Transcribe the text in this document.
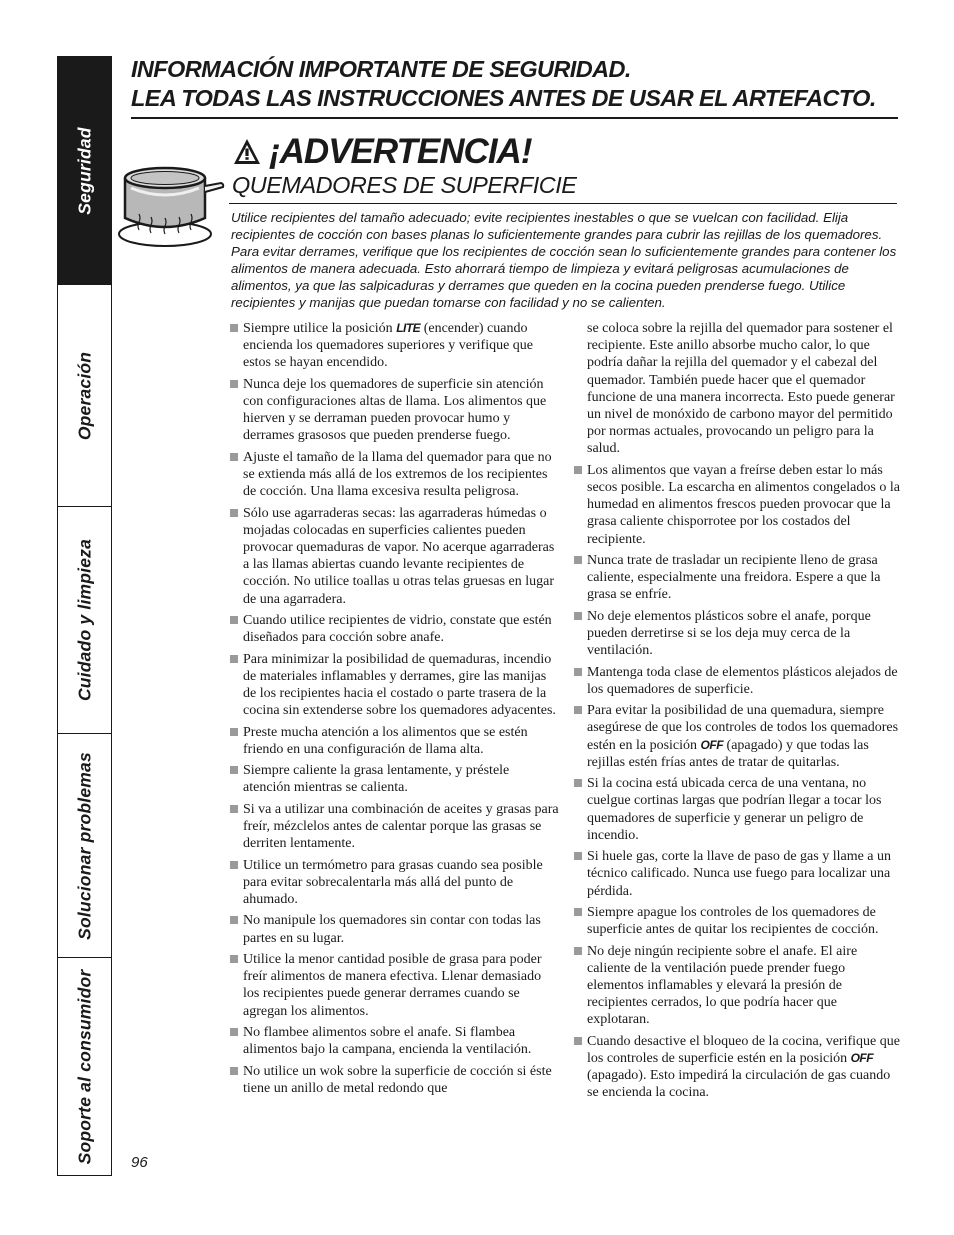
Seguridad
Operación
Cuidado y limpieza
Solucionar problemas
Soporte al consumidor
INFORMACIÓN IMPORTANTE DE SEGURIDAD.
LEA TODAS LAS INSTRUCCIONES ANTES DE USAR EL ARTEFACTO.
¡ADVERTENCIA!
QUEMADORES DE SUPERFICIE
Utilice recipientes del tamaño adecuado; evite recipientes inestables o que se vuelcan con facilidad. Elija recipientes de cocción con bases planas lo suficientemente grandes para cubrir las rejillas de los quemadores. Para evitar derrames, verifique que los recipientes de cocción sean lo suficientemente grandes para contener los alimentos de manera adecuada. Esto ahorrará tiempo de limpieza y evitará peligrosas acumulaciones de alimentos, ya que las salpicaduras y derrames que queden en la cocina pueden prenderse fuego. Utilice recipientes y manijas que puedan tomarse con facilidad y no se calienten.

Siempre utilice la posición LITE (encender) cuando encienda los quemadores superiores y verifique que estos se hayan encendido.

Nunca deje los quemadores de superficie sin atención con configuraciones altas de llama. Los alimentos que hierven y se derraman pueden provocar humo y derrames grasosos que pueden prenderse fuego.

Ajuste el tamaño de la llama del quemador para que no se extienda más allá de los extremos de los recipientes de cocción. Una llama excesiva resulta peligrosa.

Sólo use agarraderas secas: las agarraderas húmedas o mojadas colocadas en superficies calientes pueden provocar quemaduras de vapor. No acerque agarraderas a las llamas abiertas cuando levante recipientes de cocción. No utilice toallas u otras telas gruesas en lugar de una agarradera.

Cuando utilice recipientes de vidrio, constate que estén diseñados para cocción sobre anafe.

Para minimizar la posibilidad de quemaduras, incendio de materiales inflamables y derrames, gire las manijas de los recipientes hacia el costado o parte trasera de la cocina sin extenderse sobre los quemadores adyacentes.

Preste mucha atención a los alimentos que se estén friendo en una configuración de llama alta.

Siempre caliente la grasa lentamente, y préstele atención mientras se calienta.

Si va a utilizar una combinación de aceites y grasas para freír, mézclelos antes de calentar porque las grasas se derriten lentamente.

Utilice un termómetro para grasas cuando sea posible para evitar sobrecalentarla más allá del punto de ahumado.

No manipule los quemadores sin contar con todas las partes en su lugar.

Utilice la menor cantidad posible de grasa para poder freír alimentos de manera efectiva. Llenar demasiado los recipientes puede generar derrames cuando se agregan los alimentos.

No flambee alimentos sobre el anafe. Si flambea alimentos bajo la campana, encienda la ventilación.

No utilice un wok sobre la superficie de cocción si éste tiene un anillo de metal redondo que

se coloca sobre la rejilla del quemador para sostener el recipiente. Este anillo absorbe mucho calor, lo que podría dañar la rejilla del quemador y el cabezal del quemador. También puede hacer que el quemador funcione de una manera incorrecta. Esto puede generar un nivel de monóxido de carbono mayor del permitido por normas actuales, provocando un peligro para la salud.

Los alimentos que vayan a freírse deben estar lo más secos posible. La escarcha en alimentos congelados o la humedad en alimentos frescos pueden provocar que la grasa caliente chisporrotee por los costados del recipiente.

Nunca trate de trasladar un recipiente lleno de grasa caliente, especialmente una freidora. Espere a que la grasa se enfríe.

No deje elementos plásticos sobre el anafe, porque pueden derretirse si se los deja muy cerca de la ventilación.

Mantenga toda clase de elementos plásticos alejados de los quemadores de superficie.

Para evitar la posibilidad de una quemadura, siempre asegúrese de que los controles de todos los quemadores estén en la posición OFF (apagado) y que todas las rejillas estén frías antes de tratar de quitarlas.

Si la cocina está ubicada cerca de una ventana, no cuelgue cortinas largas que podrían llegar a tocar los quemadores de superficie y generar un peligro de incendio.

Si huele gas, corte la llave de paso de gas y llame a un técnico calificado. Nunca use fuego para localizar una pérdida.

Siempre apague los controles de los quemadores de superficie antes de quitar los recipientes de cocción.

No deje ningún recipiente sobre el anafe. El aire caliente de la ventilación puede prender fuego elementos inflamables y elevará la presión de recipientes cerrados, lo que podría hacer que explotaran.

Cuando desactive el bloqueo de la cocina, verifique que los controles de superficie estén en la posición OFF (apagado). Esto impedirá la circulación de gas cuando se encienda la cocina.

96
